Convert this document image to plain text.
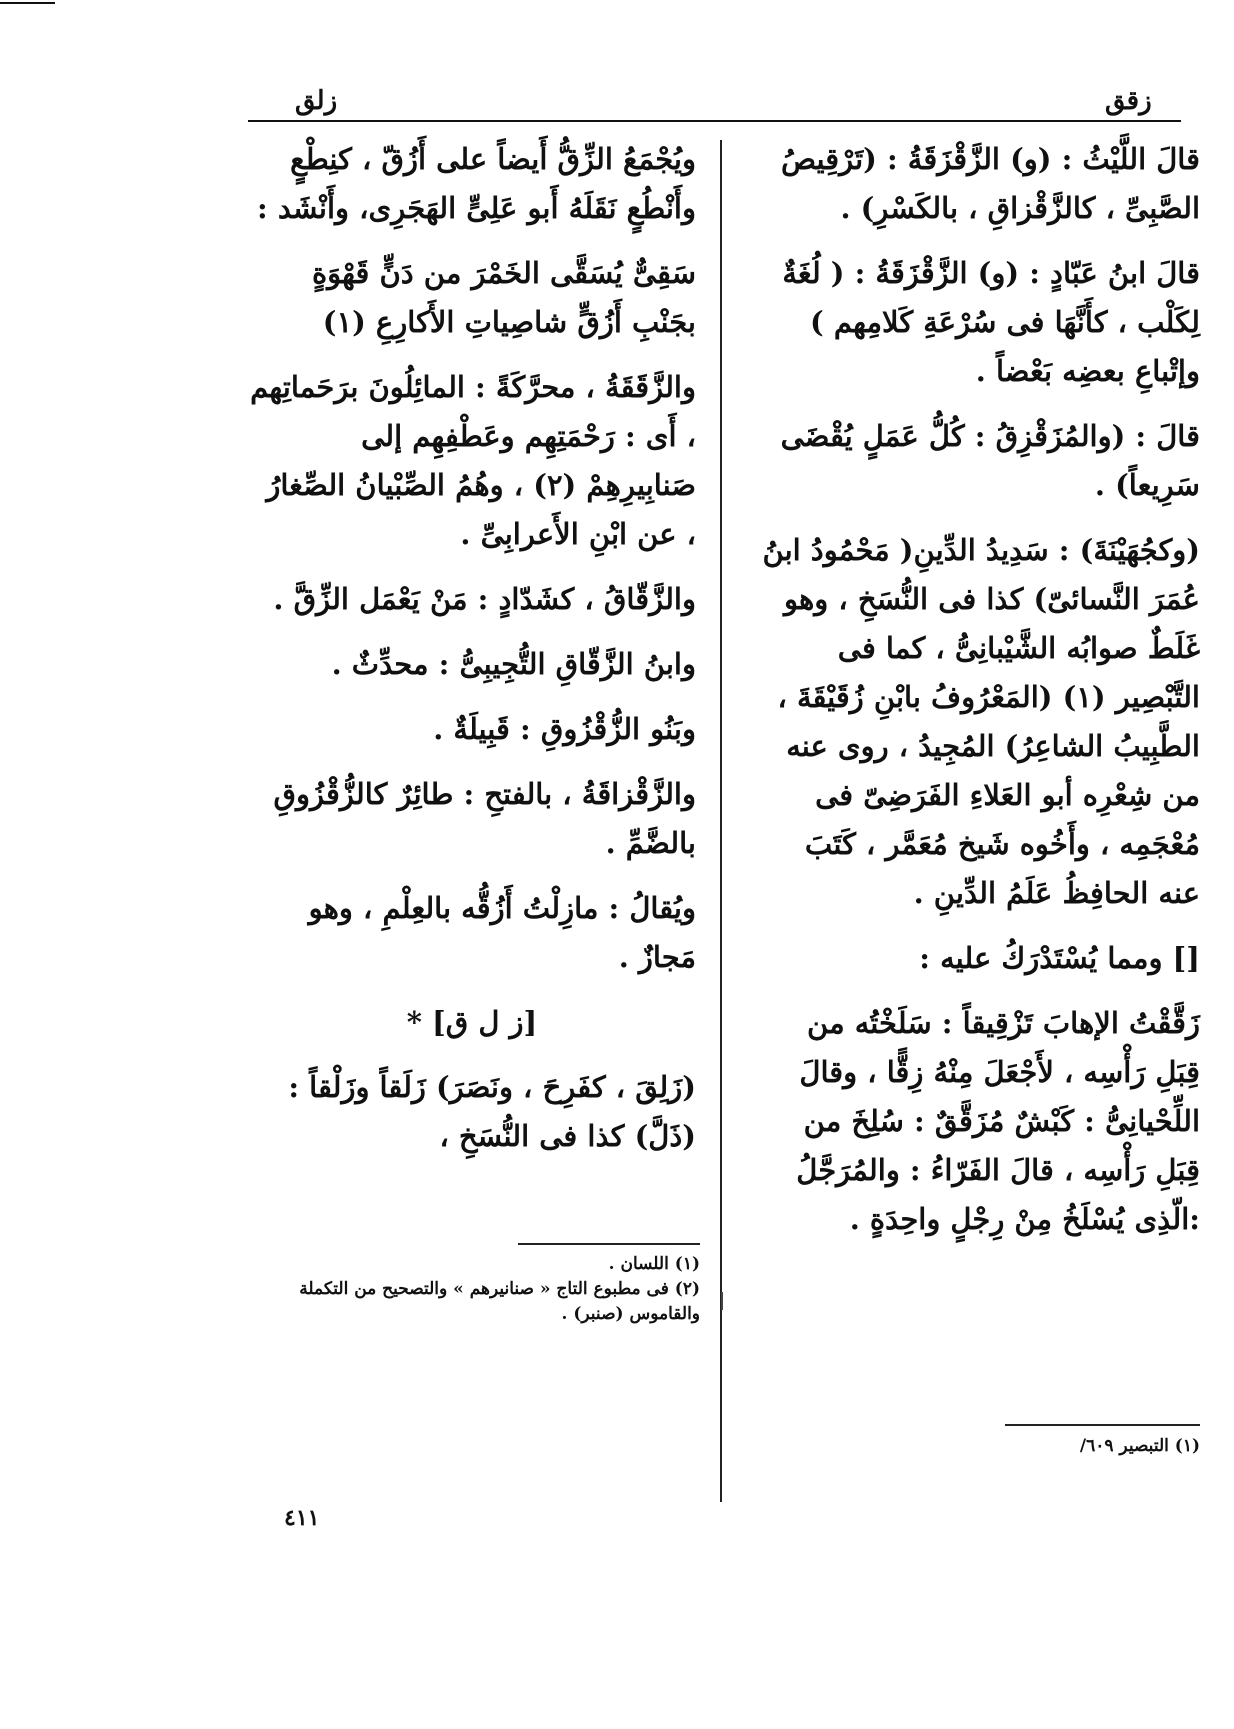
زلق	زقق

قالَ اللَّيْثُ : (و) الزَّقْزَقَةُ : (تَرْقِيصُ الصَّبِىِّ ، كالزَّقْزاقِ ، بالكَسْرِ) .

قالَ ابنُ عَبّادٍ : (و) الزَّقْزَقَةُ : ( لُغَةٌ لِكَلْب ، كأَنَّهَا فى سُرْعَةِ كَلامِهم ) وإتْباعِ بعضِه بَعْضاً .

قالَ : (والمُزَقْزِقُ : كُلُّ عَمَلٍ يُقْضَى سَرِيعاً) .

(وكجُهَيْنَةَ) : سَدِيدُ الدِّينِ( مَحْمُودُ ابنُ عُمَرَ النَّسائىّ) كذا فى النُّسَخِ ، وهو غَلَطٌ صوابُه الشَّيْبانِىُّ ، كما فى التَّبْصِير (١) (المَعْرُوفُ بابْنِ زُقَيْقَةَ ، الطَّبِيبُ الشاعِرُ) المُجِيدُ ، روى عنه من شِعْرِه أبو العَلاءِ الفَرَضِىّ فى مُعْجَمِه ، وأَخُوه شَيخ مُعَمَّر ، كَتَبَ عنه الحافِظُ عَلَمُ الدِّينِ .

[] ومما يُسْتَدْرَكُ عليه :

زَقَّقْتُ الإهابَ تَزْقِيقاً : سَلَخْتُه من قِبَلِ رَأْسِه ، لأَجْعَلَ مِنْهُ زِقًّا ، وقالَ اللِّحْيانِىُّ : كَبْشٌ مُزَقَّقٌ : سُلِخَ من قِبَلِ رَأْسِه ، قالَ الفَرّاءُ : والمُرَجَّلُ :الّذِى يُسْلَخُ مِنْ رِجْلٍ واحِدَةٍ .

ويُجْمَعُ الزِّقُّ أَيضاً على أَزُقّ ، كنِطْعٍ وأَنْطُعٍ نَقَلَهُ أَبو عَلِىٍّ الهَجَرِى، وأَنْشَد :

سَقِىٌّ يُسَقَّى الخَمْرَ من دَنٍّ قَهْوَةٍ

بجَنْبِ أَزُقٍّ شاصِياتِ الأَكارِعِ (١)

والزَّقَقَةُ ، محرَّكَةً : المائِلُونَ برَحَماتِهم ، أَى : رَحْمَتِهِم وعَطْفِهِم إلى صَنابِيرِهِمْ (٢) ، وهُمُ الصِّبْيانُ الصِّغارُ ، عن ابْنِ الأَعرابِىِّ .

والزَّقّاقُ ، كشَدّادٍ : مَنْ يَعْمَل الزِّقَّ .

وابنُ الزَّقّاقِ التُّجِيبِىُّ : محدِّثٌ .

وبَنُو الزُّقْزُوقِ : قَبِيلَةٌ .

والزَّقْزاقَةُ ، بالفتحِ : طائِرٌ كالزُّقْزُوقِ بالضَّمِّ .

ويُقالُ : مازِلْتُ أَزُقُّه بالعِلْمِ ، وهو مَجازٌ .

[ز ل ق] *

(زَلِقَ ، كفَرِحَ ، ونَصَرَ) زَلَقاً وزَلْقاً : (ذَلَّ) كذا فى النُّسَخِ ،

(١) اللسان .

(٢) فى مطبوع التاج « صنانيرهم » والتصحيح من التكملة والقاموس (صنبر) .

(١) التبصير ٦٠٩/

٤١١
